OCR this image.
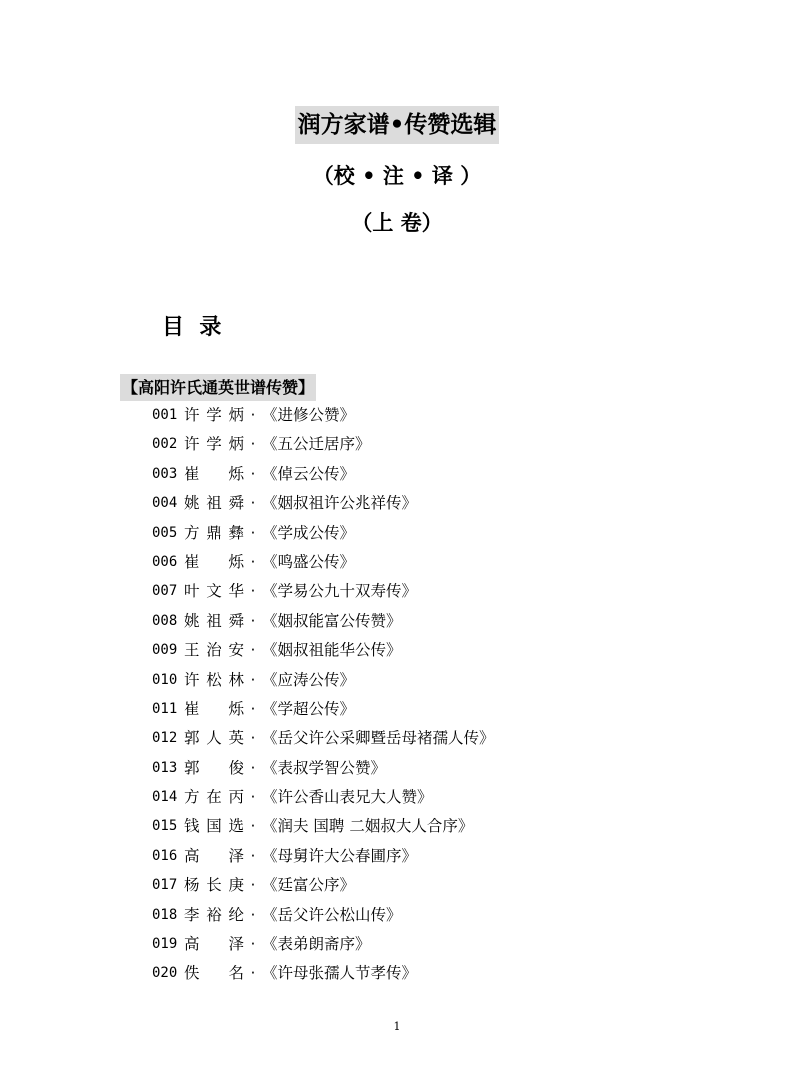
润方家谱•传赞选辑
（校 • 注 • 译 ）
（上 卷）
目  录
【高阳许氏通英世谱传赞】
001 许学炳 · 《进修公赞》
002 许学炳 · 《五公迁居序》
003 崔  烁 · 《倬云公传》
004 姚祖舜 · 《姻叔祖许公兆祥传》
005 方鼎彝 · 《学成公传》
006 崔  烁 · 《鸣盛公传》
007 叶文华 · 《学易公九十双寿传》
008 姚祖舜 · 《姻叔能富公传赞》
009 王治安 · 《姻叔祖能华公传》
010 许松林 · 《应涛公传》
011 崔  烁 · 《学超公传》
012 郭人英 · 《岳父许公采卿暨岳母褚孺人传》
013 郭  俊 · 《表叔学智公赞》
014 方在丙 · 《许公香山表兄大人赞》
015 钱国选 · 《润夫 国聘 二姻叔大人合序》
016 高  泽 · 《母舅许大公春圃序》
017 杨长庚 · 《廷富公序》
018 李裕纶 · 《岳父许公松山传》
019 高  泽 · 《表弟朗斋序》
020 佚  名 · 《许母张孺人节孝传》
1
